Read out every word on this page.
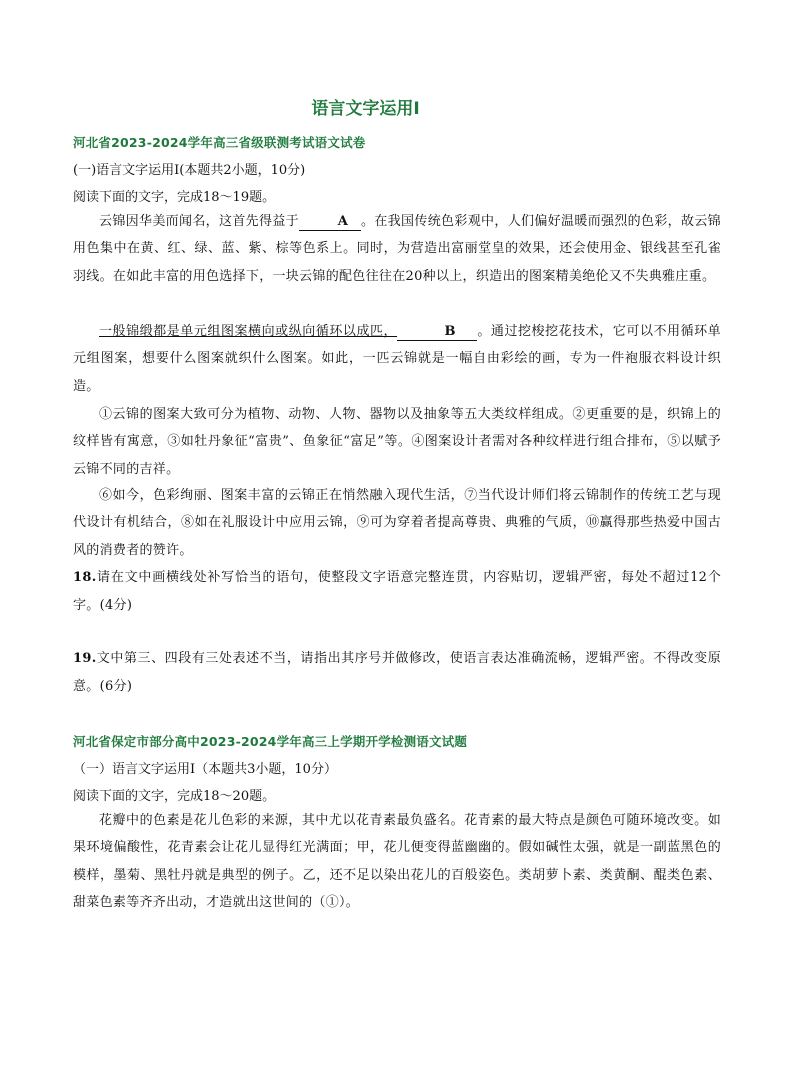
语言文字运用Ⅰ
河北省2023-2024学年高三省级联测考试语文试卷
(一)语言文字运用Ⅰ(本题共2小题，10分)
阅读下面的文字，完成18～19题。
云锦因华美而闻名，这首先得益于	A 。在我国传统色彩观中，人们偏好温暖而强烈的色彩，故云锦用色集中在黄、红、绿、蓝、紫、棕等色系上。同时，为营造出富丽堂皇的效果，还会使用金、银线甚至孔雀羽线。在如此丰富的用色选择下，一块云锦的配色往往在20种以上，织造出的图案精美绝伦又不失典雅庄重。
一般锦缎都是单元组图案横向或纵向循环以成匹，	B 。通过挖梭挖花技术，它可以不用循环单元组图案，想要什么图案就织什么图案。如此，一匹云锦就是一幅自由彩绘的画，专为一件袍服衣料设计织造。
①云锦的图案大致可分为植物、动物、人物、器物以及抽象等五大类纹样组成。②更重要的是，织锦上的纹样皆有寓意，③如牡丹象征“富贵”、鱼象征“富足”等。④图案设计者需对各种纹样进行组合排布，⑤以赋予云锦不同的吉祥。
⑥如今，色彩绚丽、图案丰富的云锦正在悄然融入现代生活，⑦当代设计师们将云锦制作的传统工艺与现代设计有机结合，⑧如在礼服设计中应用云锦，⑨可为穿着者提高尊贵、典雅的气质，⑩赢得那些热爱中国古风的消费者的赞许。
18.请在文中画横线处补写恰当的语句，使整段文字语意完整连贯，内容贴切，逻辑严密，每处不超过12个字。(4分)
19.文中第三、四段有三处表述不当，请指出其序号并做修改，使语言表达准确流畅，逻辑严密。不得改变原意。(6分)
河北省保定市部分高中2023-2024学年高三上学期开学检测语文试题
（一）语言文字运用Ⅰ（本题共3小题，10分）
阅读下面的文字，完成18～20题。
花瓣中的色素是花儿色彩的来源，其中尤以花青素最负盛名。花青素的最大特点是颜色可随环境改变。如果环境偏酸性，花青素会让花儿显得红光满面；甲，花儿便变得蓝幽幽的。假如碱性太强，就是一副蓝黑色的模样，墨菊、黑牡丹就是典型的例子。乙，还不足以染出花儿的百般姿色。类胡萝卜素、类黄酮、醌类色素、甜菜色素等齐齐出动，才造就出这世间的（①）。
